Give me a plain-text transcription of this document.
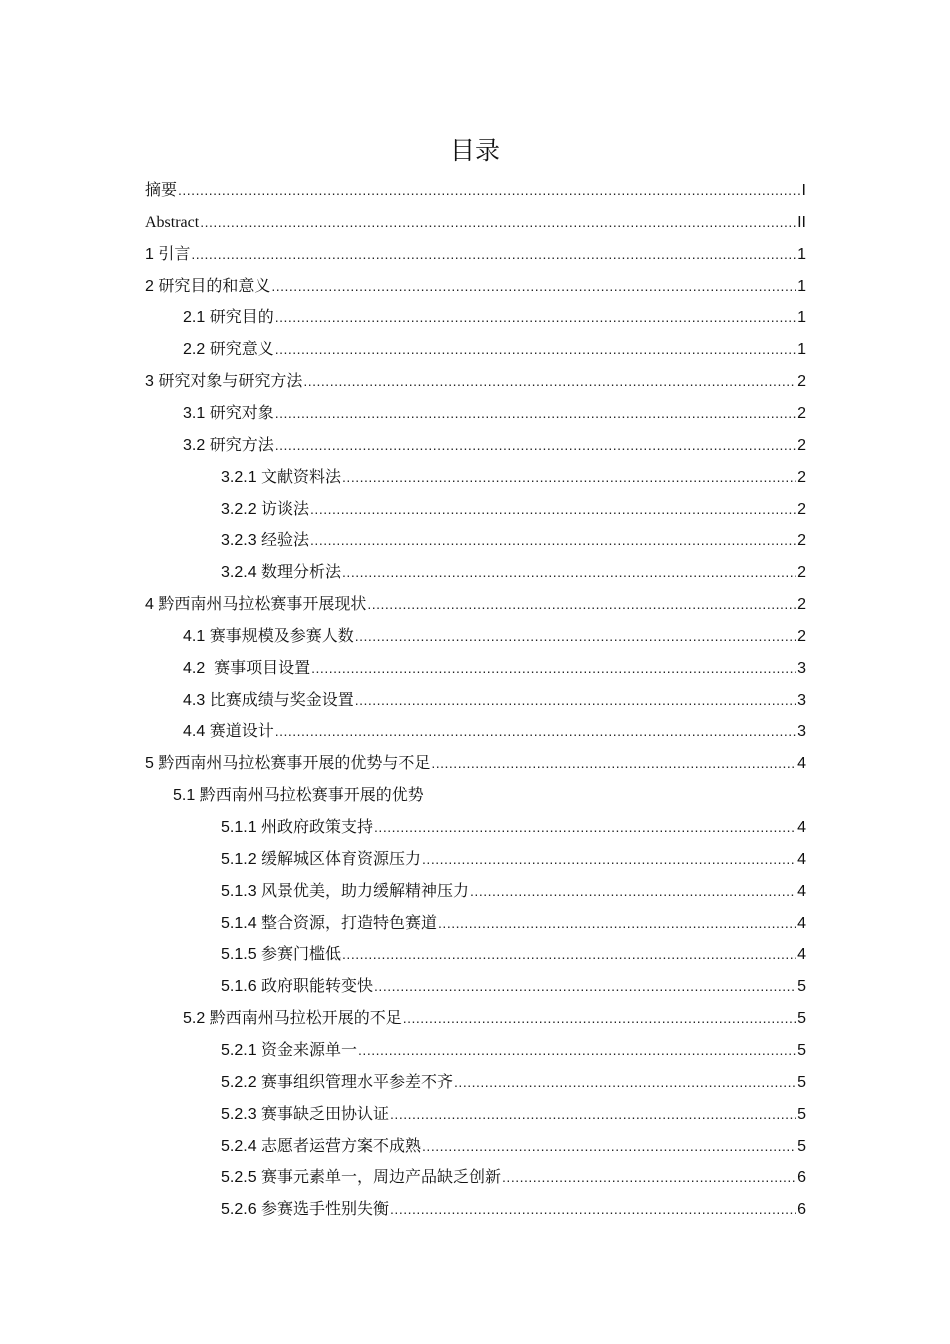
目录
摘要 .....	I
Abstract .....	II
1 引言 .....	1
2 研究目的和意义 .....	1
2.1 研究目的 .....	1
2.2 研究意义 .....	1
3 研究对象与研究方法 .....	2
3.1 研究对象 .....	2
3.2 研究方法 .....	2
3.2.1 文献资料法 .....	2
3.2.2 访谈法 .....	2
3.2.3 经验法 .....	2
3.2.4 数理分析法 .....	2
4 黔西南州马拉松赛事开展现状 .....	2
4.1 赛事规模及参赛人数 .....	2
4.2  赛事项目设置 .....	3
4.3 比赛成绩与奖金设置 .....	3
4.4 赛道设计 .....	3
5 黔西南州马拉松赛事开展的优势与不足 .....	4
5.1 黔西南州马拉松赛事开展的优势
5.1.1 州政府政策支持 .....	4
5.1.2 缓解城区体育资源压力 .....	4
5.1.3 风景优美，助力缓解精神压力 .....	4
5.1.4 整合资源，打造特色赛道 .....	4
5.1.5 参赛门槛低 .....	4
5.1.6 政府职能转变快 .....	5
5.2 黔西南州马拉松开展的不足 .....	5
5.2.1 资金来源单一 .....	5
5.2.2 赛事组织管理水平参差不齐 .....	5
5.2.3 赛事缺乏田协认证 .....	5
5.2.4 志愿者运营方案不成熟 .....	5
5.2.5 赛事元素单一，周边产品缺乏创新 .....	6
5.2.6 参赛选手性别失衡 .....	6
